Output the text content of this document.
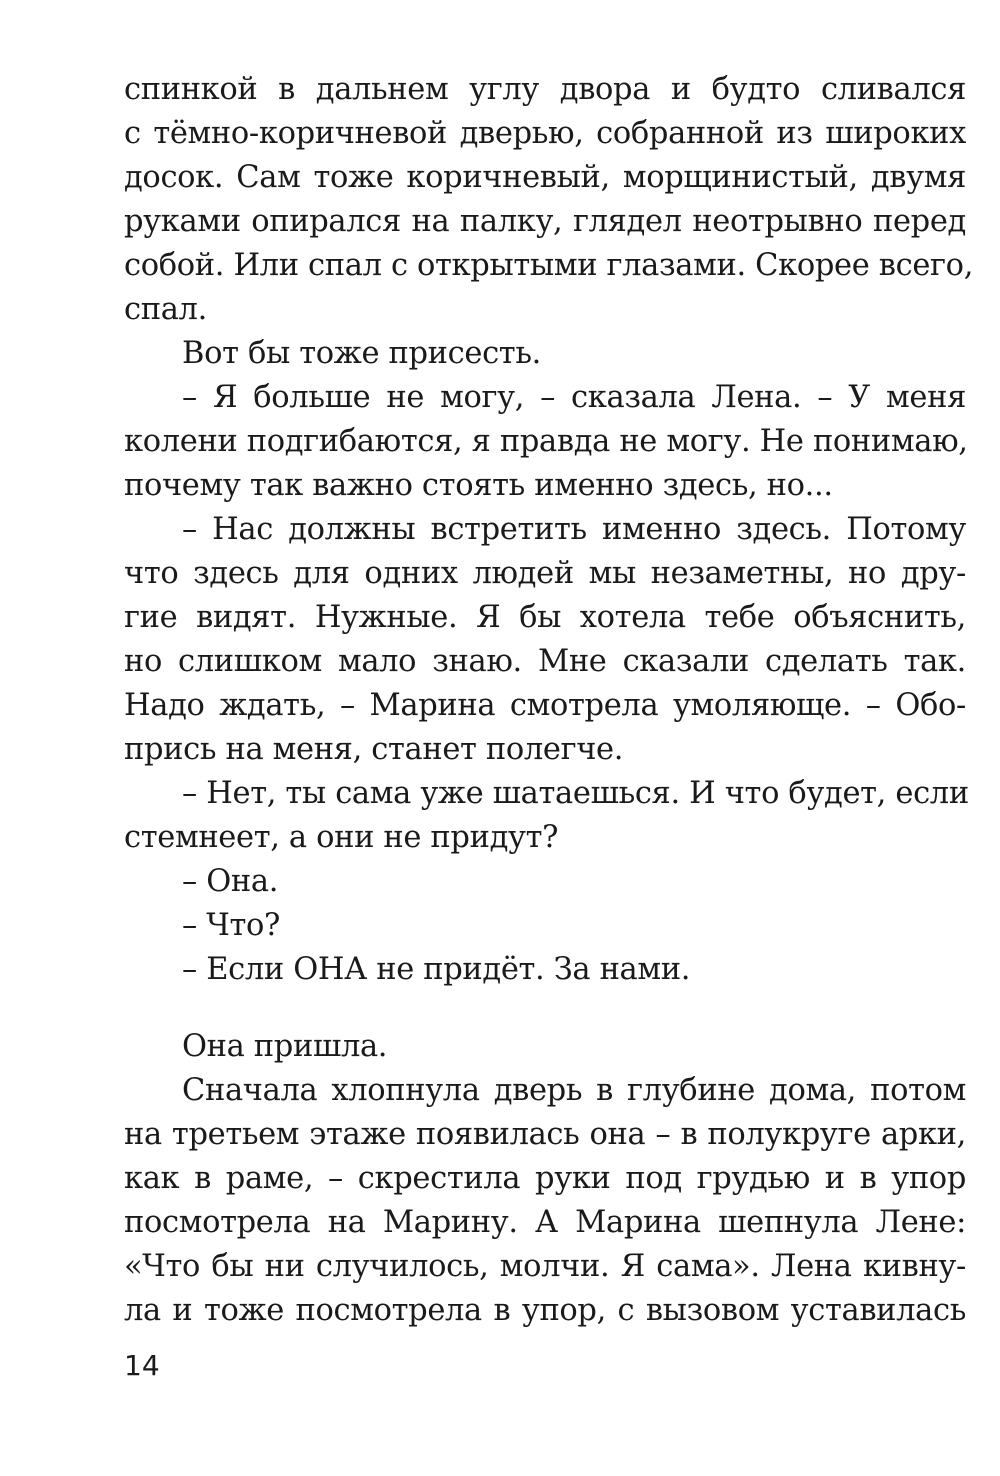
спинкой в дальнем углу двора и будто сливался
с тёмно-коричневой дверью, собранной из широких
досок. Сам тоже коричневый, морщинистый, двумя
руками опирался на палку, глядел неотрывно перед
собой. Или спал с открытыми глазами. Скорее всего,
спал.
Вот бы тоже присесть.
– Я больше не могу, – сказала Лена. – У меня
колени подгибаются, я правда не могу. Не понимаю,
почему так важно стоять именно здесь, но...
– Нас должны встретить именно здесь. Потому
что здесь для одних людей мы незаметны, но дру-
гие видят. Нужные. Я бы хотела тебе объяснить,
но слишком мало знаю. Мне сказали сделать так.
Надо ждать, – Марина смотрела умоляюще. – Обо-
прись на меня, станет полегче.
– Нет, ты сама уже шатаешься. И что будет, если
стемнеет, а они не придут?
– Она.
– Что?
– Если ОНА не придёт. За нами.
Она пришла.
Сначала хлопнула дверь в глубине дома, потом
на третьем этаже появилась она – в полукруге арки,
как в раме, – скрестила руки под грудью и в упор
посмотрела на Марину. А Марина шепнула Лене:
«Что бы ни случилось, молчи. Я сама». Лена кивну-
ла и тоже посмотрела в упор, с вызовом уставилась
14
